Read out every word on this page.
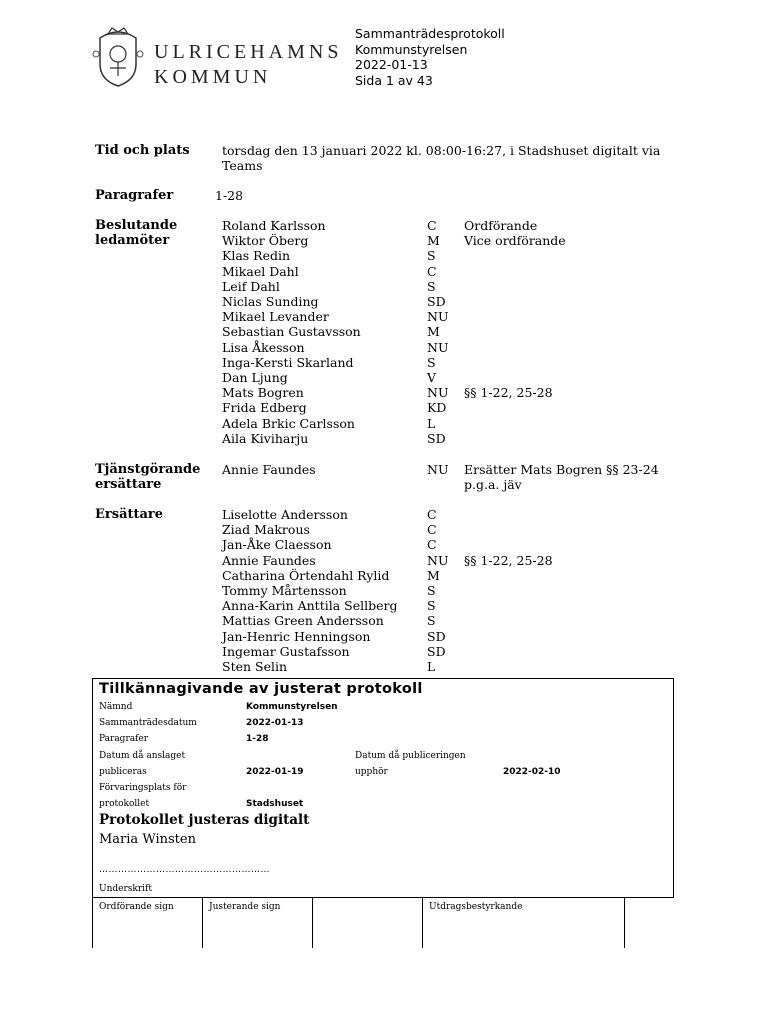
ULRICEHAMNS
KOMMUN
Sammanträdesprotokoll
Kommunstyrelsen
2022-01-13
Sida 1 av 43
Tid och plats	torsdag den 13 januari 2022 kl. 08:00-16:27, i Stadshuset digitalt via
Teams
Paragrafer	1-28
Beslutande
ledamöter
Roland Karlsson	C Ordförande
Wiktor Öberg	M Vice ordförande
Klas Redin	S
Mikael Dahl	C
Leif Dahl	S
Niclas Sunding	SD
Mikael Levander	NU
Sebastian Gustavsson	M
Lisa Åkesson	NU
Inga-Kersti Skarland	S
Dan Ljung	V
Mats Bogren	NU §§ 1-22, 25-28
Frida Edberg	KD
Adela Brkic Carlsson	L
Aila Kiviharju	SD
Tjänstgörande
ersättare
Annie Faundes	NU Ersätter Mats Bogren §§ 23-24
p.g.a. jäv
Ersättare	Liselotte Andersson	C
Ziad Makrous	C
Jan-Åke Claesson	C
Annie Faundes	NU §§ 1-22, 25-28
Catharina Örtendahl Rylid	M
Tommy Mårtensson	S
Anna-Karin Anttila Sellberg S
Mattias Green Andersson	S
Jan-Henric Henningson	SD
Ingemar Gustafsson	SD
Sten Selin	L
Tillkännagivande av justerat protokoll
Nämnd	Kommunstyrelsen
Sammanträdesdatum	2022-01-13
Paragrafer	1-28
Datum då anslaget
publiceras	2022-01-19
Datum då publiceringen
upphör	2022-02-10
Förvaringsplats för
protokollet	Stadshuset
Protokollet justeras digitalt
Maria Winsten
………………………………………………
Underskrift
Ordförande sign	Justerande sign	Utdragsbestyrkande
